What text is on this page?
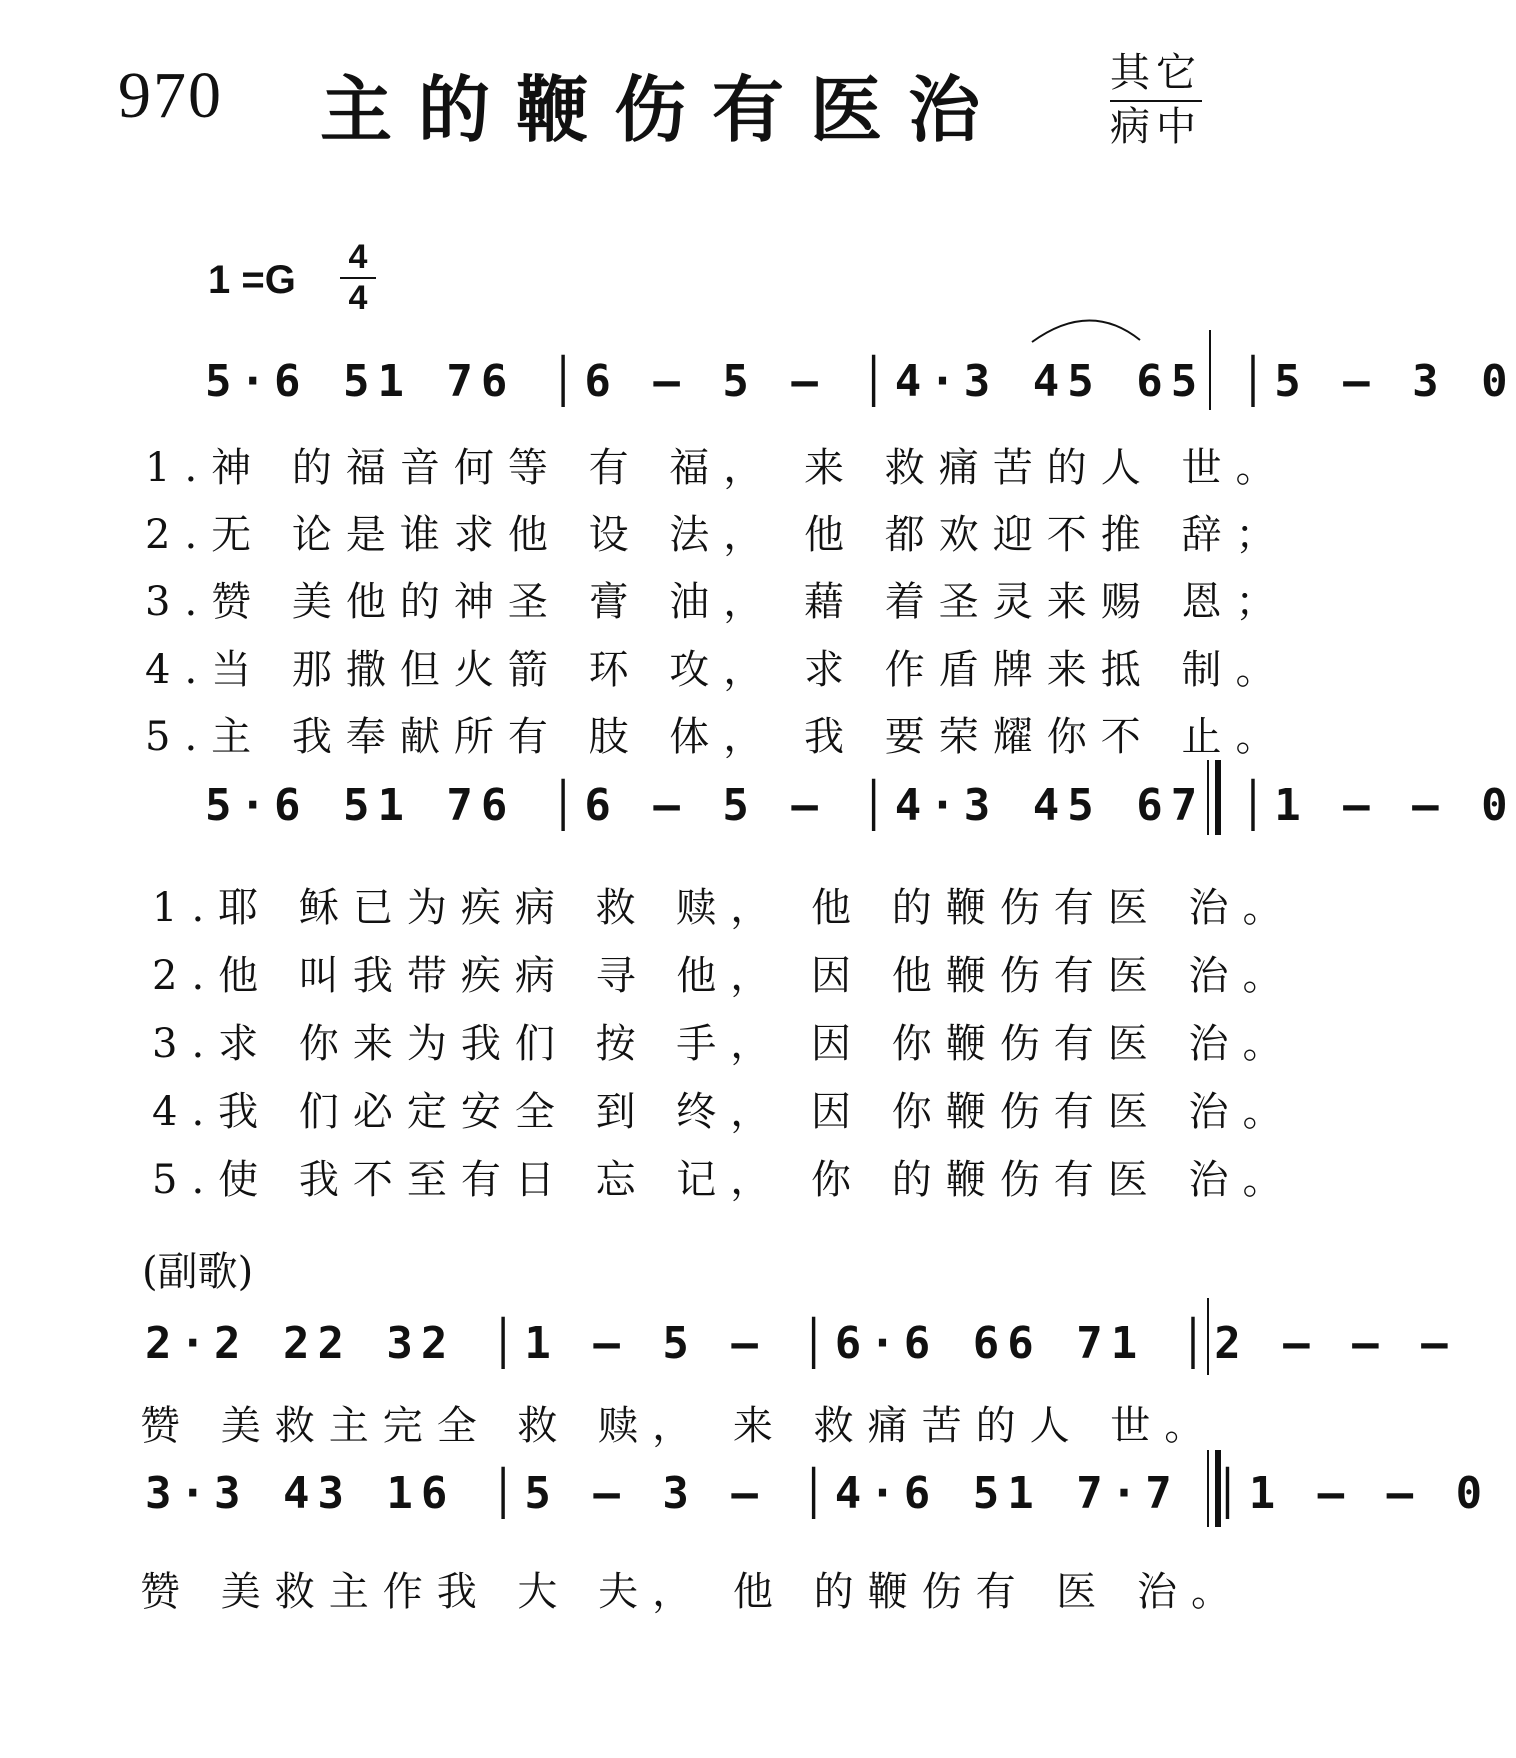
970 主的鞭伤有医治	其它
病中
$1 =G \frac{4}{4}$
5·6 51 76 │6 – 5 – │4·3 45 65 │5 – 3 0
1.神 的福音何等 有 福， 来 救痛苦的人 世。
2.无 论是谁求他 设 法， 他 都欢迎不推 辞；
3.赞 美他的神圣 膏 油， 藉 着圣灵来赐 恩；
4.当 那撒但火箭 环 攻， 求 作盾牌来抵 制。
5.主 我奉献所有 肢 体， 我 要荣耀你不 止。
5·6 51 76 │6 – 5 – │4·3 45 67 │1 – – 0
1.耶 稣已为疾病 救 赎， 他 的鞭伤有医 治。
2.他 叫我带疾病 寻 他， 因 他鞭伤有医 治。
3.求 你来为我们 按 手， 因 你鞭伤有医 治。
4.我 们必定安全 到 终， 因 你鞭伤有医 治。
5.使 我不至有日 忘 记， 你 的鞭伤有医 治。
(副歌)
2·2 22 32 │1 – 5 – │6·6 66 71 │2 – – –
赞 美救主完全 救 赎， 来 救痛苦的人 世。
3·3 43 16 │5 – 3 – │4·6 51 7·7 │1 – – 0
赞 美救主作我 大 夫， 他 的鞭伤有 医 治。
